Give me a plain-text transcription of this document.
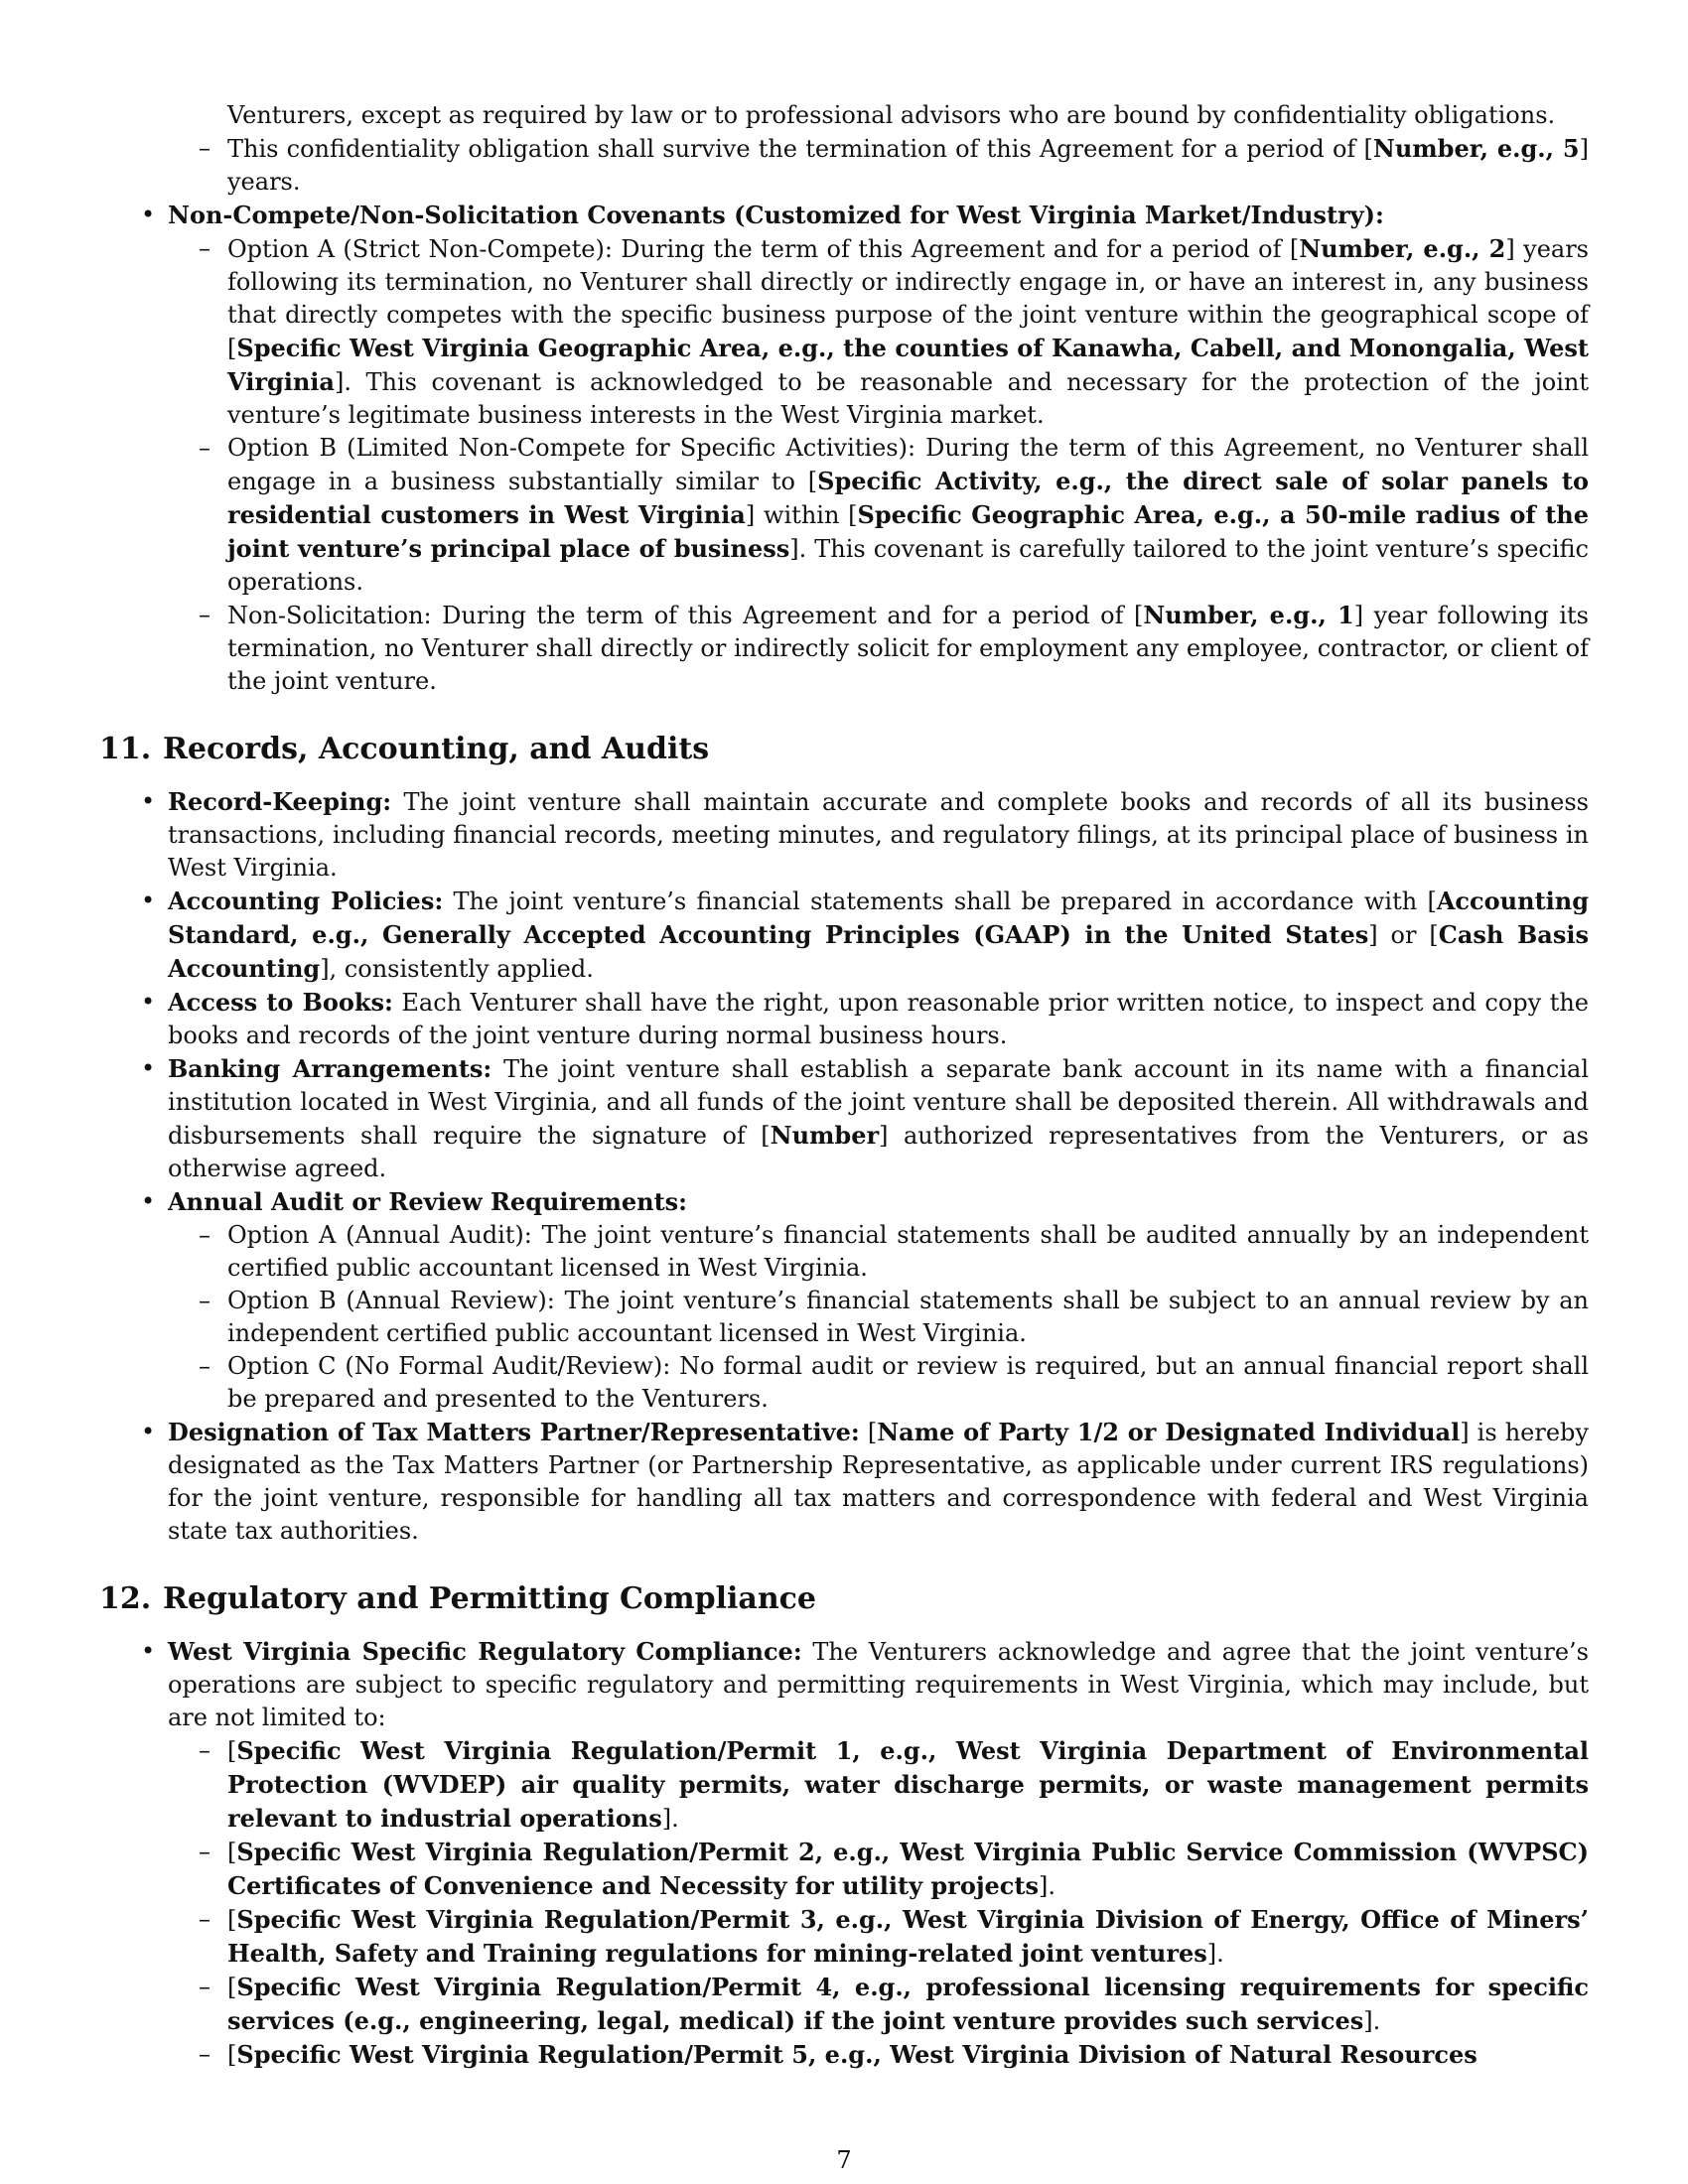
Venturers, except as required by law or to professional advisors who are bound by confidentiality obligations.
– This confidentiality obligation shall survive the termination of this Agreement for a period of [Number, e.g., 5] years.
• Non-Compete/Non-Solicitation Covenants (Customized for West Virginia Market/Industry):
– Option A (Strict Non-Compete): During the term of this Agreement and for a period of [Number, e.g., 2] years following its termination, no Venturer shall directly or indirectly engage in, or have an interest in, any business that directly competes with the specific business purpose of the joint venture within the geographical scope of [Specific West Virginia Geographic Area, e.g., the counties of Kanawha, Cabell, and Monongalia, West Virginia]. This covenant is acknowledged to be reasonable and necessary for the protection of the joint venture’s legitimate business interests in the West Virginia market.
– Option B (Limited Non-Compete for Specific Activities): During the term of this Agreement, no Venturer shall engage in a business substantially similar to [Specific Activity, e.g., the direct sale of solar panels to residential customers in West Virginia] within [Specific Geographic Area, e.g., a 50-mile radius of the joint venture’s principal place of business]. This covenant is carefully tailored to the joint venture’s specific operations.
– Non-Solicitation: During the term of this Agreement and for a period of [Number, e.g., 1] year following its termination, no Venturer shall directly or indirectly solicit for employment any employee, contractor, or client of the joint venture.
11. Records, Accounting, and Audits
• Record-Keeping: The joint venture shall maintain accurate and complete books and records of all its business transactions, including financial records, meeting minutes, and regulatory filings, at its principal place of business in West Virginia.
• Accounting Policies: The joint venture’s financial statements shall be prepared in accordance with [Accounting Standard, e.g., Generally Accepted Accounting Principles (GAAP) in the United States] or [Cash Basis Accounting], consistently applied.
• Access to Books: Each Venturer shall have the right, upon reasonable prior written notice, to inspect and copy the books and records of the joint venture during normal business hours.
• Banking Arrangements: The joint venture shall establish a separate bank account in its name with a financial institution located in West Virginia, and all funds of the joint venture shall be deposited therein. All withdrawals and disbursements shall require the signature of [Number] authorized representatives from the Venturers, or as otherwise agreed.
• Annual Audit or Review Requirements:
– Option A (Annual Audit): The joint venture’s financial statements shall be audited annually by an independent certified public accountant licensed in West Virginia.
– Option B (Annual Review): The joint venture’s financial statements shall be subject to an annual review by an independent certified public accountant licensed in West Virginia.
– Option C (No Formal Audit/Review): No formal audit or review is required, but an annual financial report shall be prepared and presented to the Venturers.
• Designation of Tax Matters Partner/Representative: [Name of Party 1/2 or Designated Individual] is hereby designated as the Tax Matters Partner (or Partnership Representative, as applicable under current IRS regulations) for the joint venture, responsible for handling all tax matters and correspondence with federal and West Virginia state tax authorities.
12. Regulatory and Permitting Compliance
• West Virginia Specific Regulatory Compliance: The Venturers acknowledge and agree that the joint venture’s operations are subject to specific regulatory and permitting requirements in West Virginia, which may include, but are not limited to:
– [Specific West Virginia Regulation/Permit 1, e.g., West Virginia Department of Environmental Protection (WVDEP) air quality permits, water discharge permits, or waste management permits relevant to industrial operations].
– [Specific West Virginia Regulation/Permit 2, e.g., West Virginia Public Service Commission (WVPSC) Certificates of Convenience and Necessity for utility projects].
– [Specific West Virginia Regulation/Permit 3, e.g., West Virginia Division of Energy, Office of Miners’ Health, Safety and Training regulations for mining-related joint ventures].
– [Specific West Virginia Regulation/Permit 4, e.g., professional licensing requirements for specific services (e.g., engineering, legal, medical) if the joint venture provides such services].
– [Specific West Virginia Regulation/Permit 5, e.g., West Virginia Division of Natural Resources
7
